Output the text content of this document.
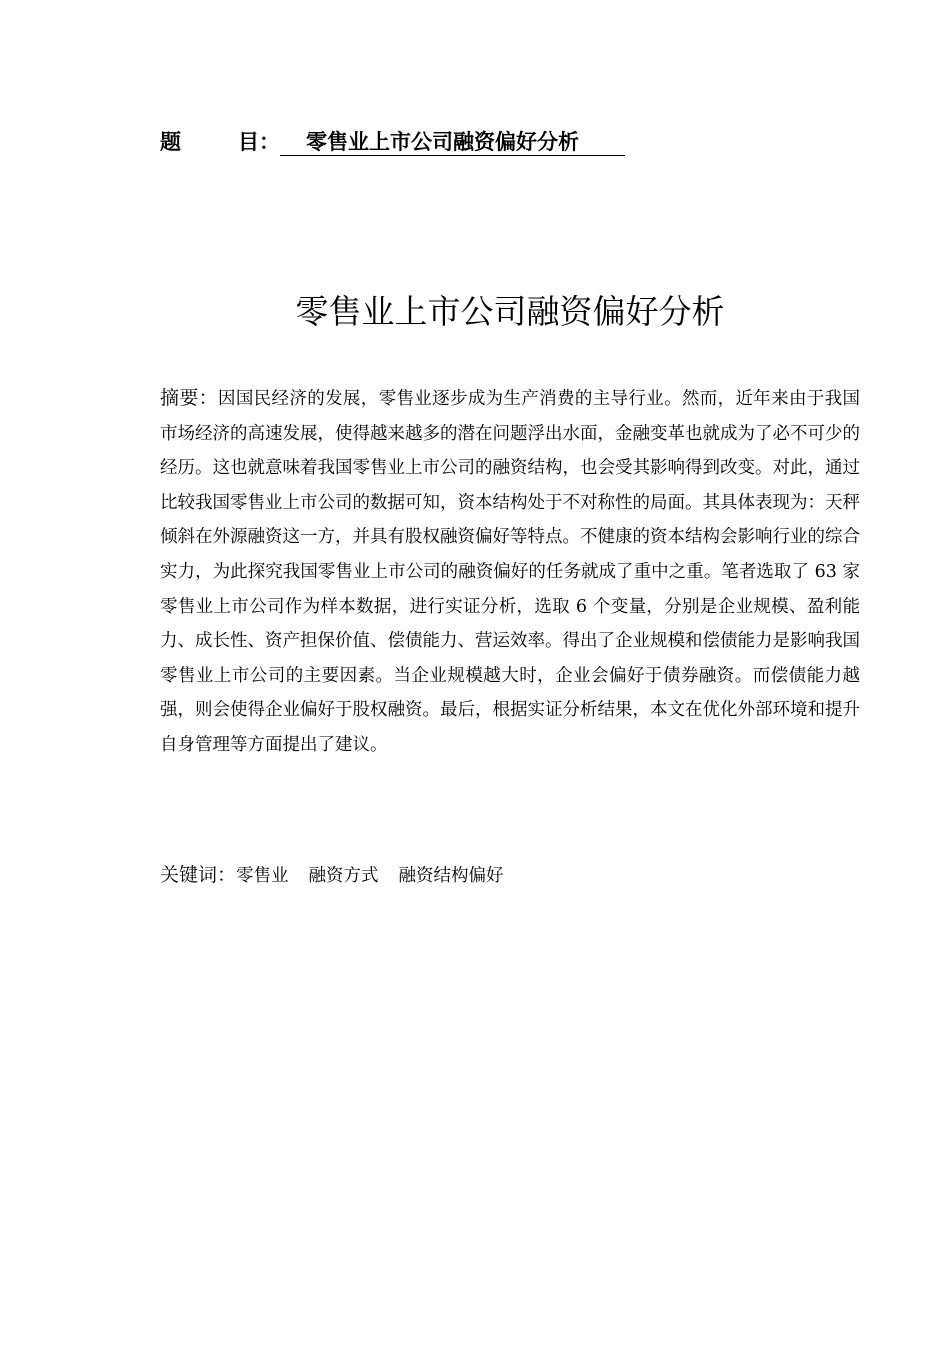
题	目： 零售业上市公司融资偏好分析
零售业上市公司融资偏好分析

摘要：因国民经济的发展，零售业逐步成为生产消费的主导行业。然而，近年来由于我国市场经济的高速发展，使得越来越多的潜在问题浮出水面，金融变革也就成为了必不可少的经历。这也就意味着我国零售业上市公司的融资结构，也会受其影响得到改变。对此，通过比较我国零售业上市公司的数据可知，资本结构处于不对称性的局面。其具体表现为：天秤倾斜在外源融资这一方，并具有股权融资偏好等特点。不健康的资本结构会影响行业的综合实力，为此探究我国零售业上市公司的融资偏好的任务就成了重中之重。笔者选取了 63 家零售业上市公司作为样本数据，进行实证分析，选取 6 个变量，分别是企业规模、盈利能力、成长性、资产担保价值、偿债能力、营运效率。得出了企业规模和偿债能力是影响我国零售业上市公司的主要因素。当企业规模越大时，企业会偏好于债券融资。而偿债能力越强，则会使得企业偏好于股权融资。最后，根据实证分析结果，本文在优化外部环境和提升自身管理等方面提出了建议。

关键词：零售业 融资方式 融资结构偏好
